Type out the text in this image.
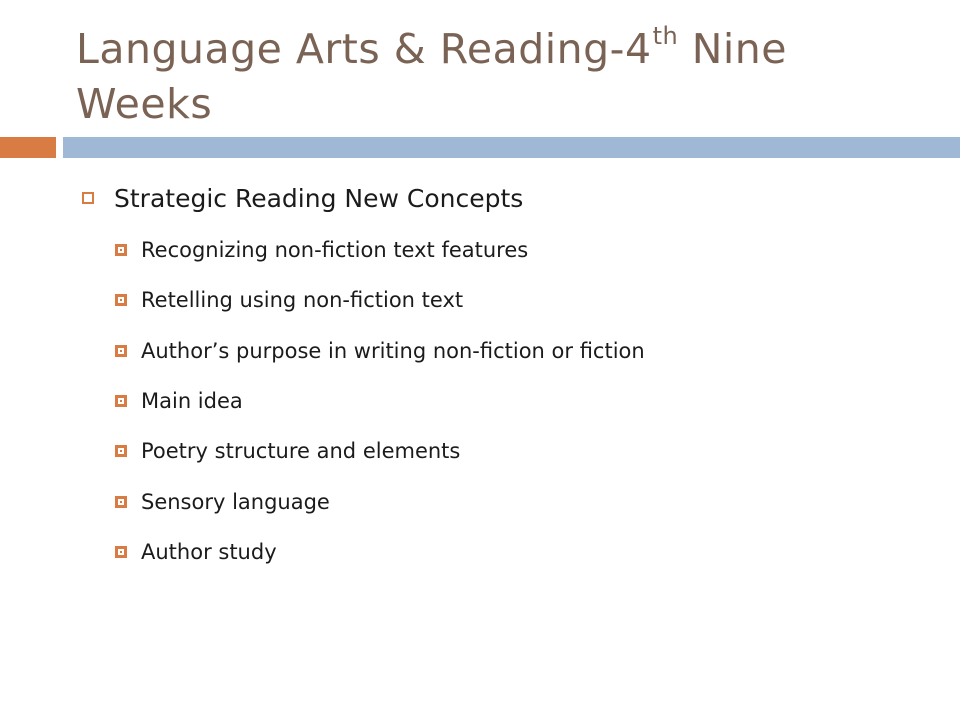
Language Arts & Reading-4th Nine Weeks
Strategic Reading New Concepts
Recognizing non-fiction text features
Retelling using non-fiction text
Author’s purpose in writing non-fiction or fiction
Main idea
Poetry structure and elements
Sensory language
Author study
